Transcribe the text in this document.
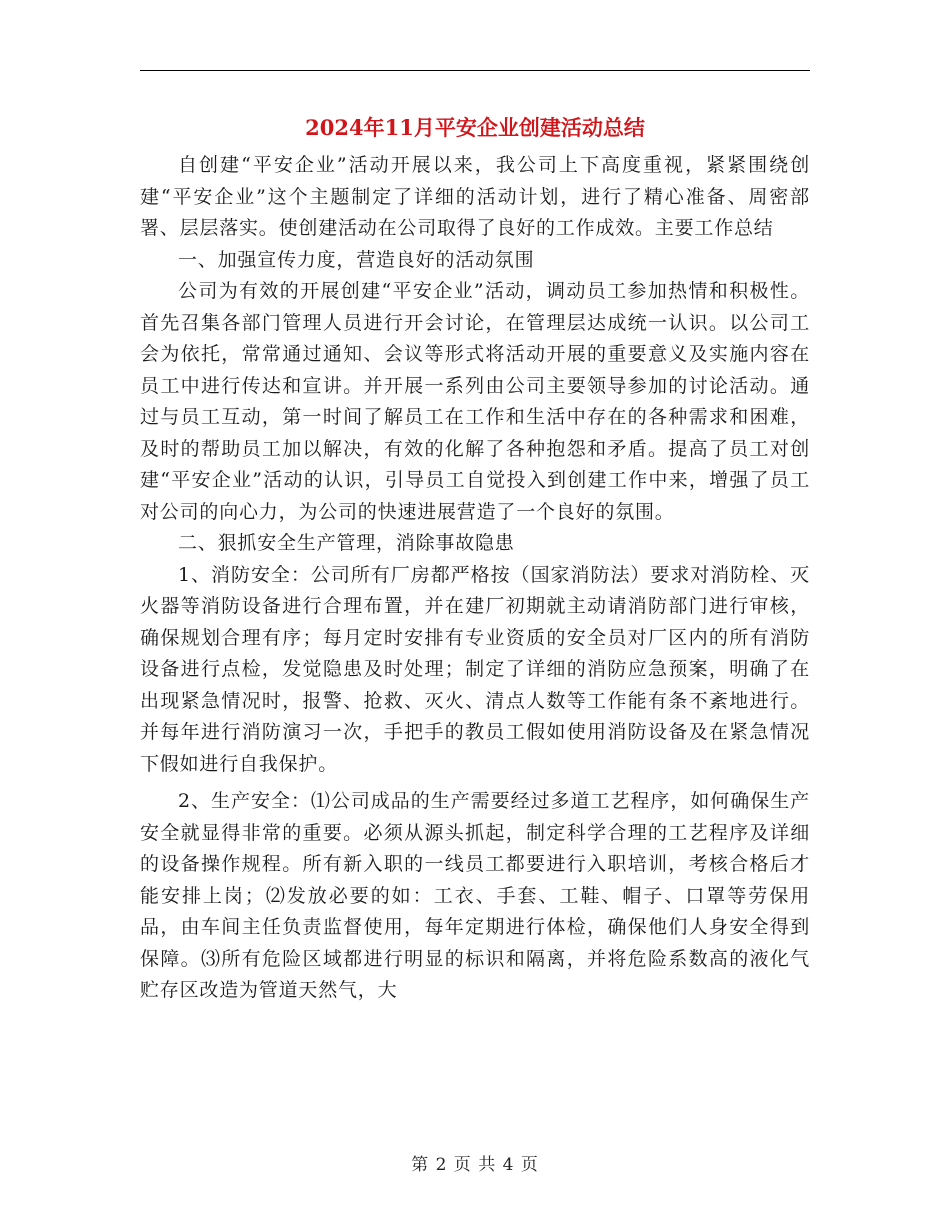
2024年11月平安企业创建活动总结

自创建“平安企业”活动开展以来，我公司上下高度重视，紧紧围绕创建“平安企业”这个主题制定了详细的活动计划，进行了精心准备、周密部署、层层落实。使创建活动在公司取得了良好的工作成效。主要工作总结

一、加强宣传力度，营造良好的活动氛围

公司为有效的开展创建“平安企业”活动，调动员工参加热情和积极性。首先召集各部门管理人员进行开会讨论，在管理层达成统一认识。以公司工会为依托，常常通过通知、会议等形式将活动开展的重要意义及实施内容在员工中进行传达和宣讲。并开展一系列由公司主要领导参加的讨论活动。通过与员工互动，第一时间了解员工在工作和生活中存在的各种需求和困难，及时的帮助员工加以解决，有效的化解了各种抱怨和矛盾。提高了员工对创建“平安企业”活动的认识，引导员工自觉投入到创建工作中来，增强了员工对公司的向心力，为公司的快速进展营造了一个良好的氛围。

二、狠抓安全生产管理，消除事故隐患

1、消防安全：公司所有厂房都严格按（国家消防法）要求对消防栓、灭火器等消防设备进行合理布置，并在建厂初期就主动请消防部门进行审核，确保规划合理有序；每月定时安排有专业资质的安全员对厂区内的所有消防设备进行点检，发觉隐患及时处理；制定了详细的消防应急预案，明确了在出现紧急情况时，报警、抢救、灭火、清点人数等工作能有条不紊地进行。并每年进行消防演习一次，手把手的教员工假如使用消防设备及在紧急情况下假如进行自我保护。

2、生产安全：⑴公司成品的生产需要经过多道工艺程序，如何确保生产安全就显得非常的重要。必须从源头抓起，制定科学合理的工艺程序及详细的设备操作规程。所有新入职的一线员工都要进行入职培训，考核合格后才能安排上岗；⑵发放必要的如：工衣、手套、工鞋、帽子、口罩等劳保用品，由车间主任负责监督使用，每年定期进行体检，确保他们人身安全得到保障。⑶所有危险区域都进行明显的标识和隔离，并将危险系数高的液化气贮存区改造为管道天然气，大

第 2 页 共 4 页
